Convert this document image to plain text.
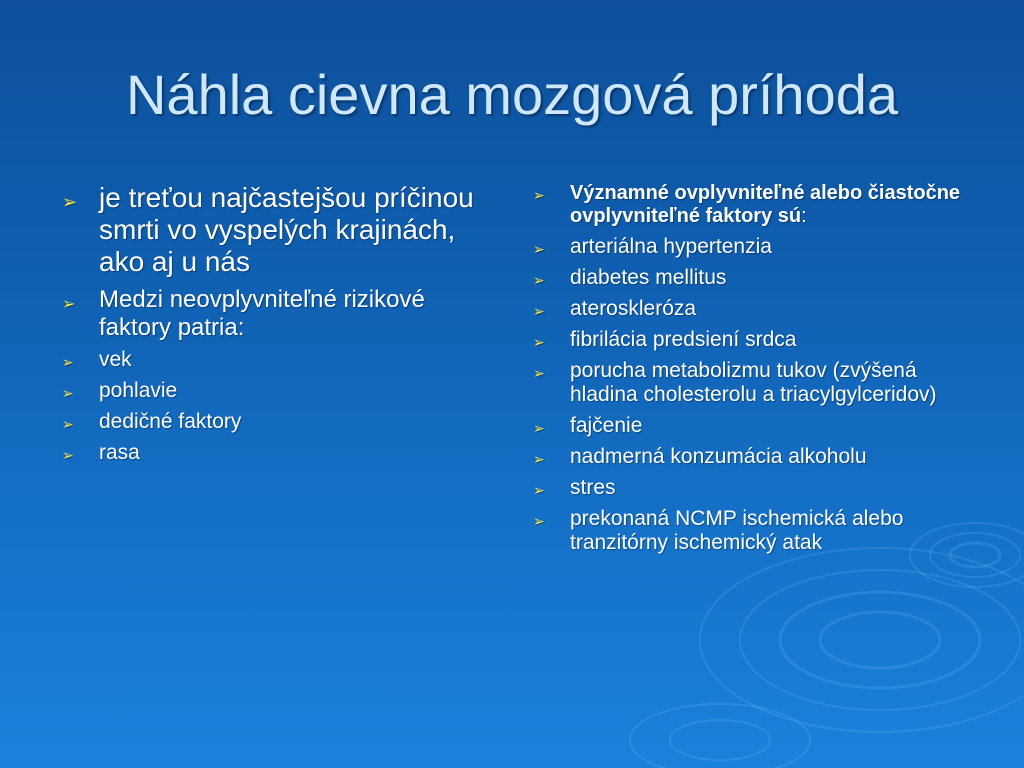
Náhla cievna mozgová príhoda
➢ je treťou najčastejšou príčinou smrti vo vyspelých krajinách, ako aj u nás
➢ Medzi neovplyvniteľné rizikové faktory patria:
➢ vek
➢ pohlavie
➢ dedičné faktory
➢ rasa
➢ Významné ovplyvniteľné alebo čiastočne ovplyvniteľné faktory sú:
➢ arteriálna hypertenzia
➢ diabetes mellitus
➢ ateroskleróza
➢ fibrilácia predsiení srdca
➢ porucha metabolizmu tukov (zvýšená hladina cholesterolu a triacylgylceridov)
➢ fajčenie
➢ nadmerná konzumácia alkoholu
➢ stres
➢ prekonaná NCMP ischemická alebo tranzitórny ischemický atak
